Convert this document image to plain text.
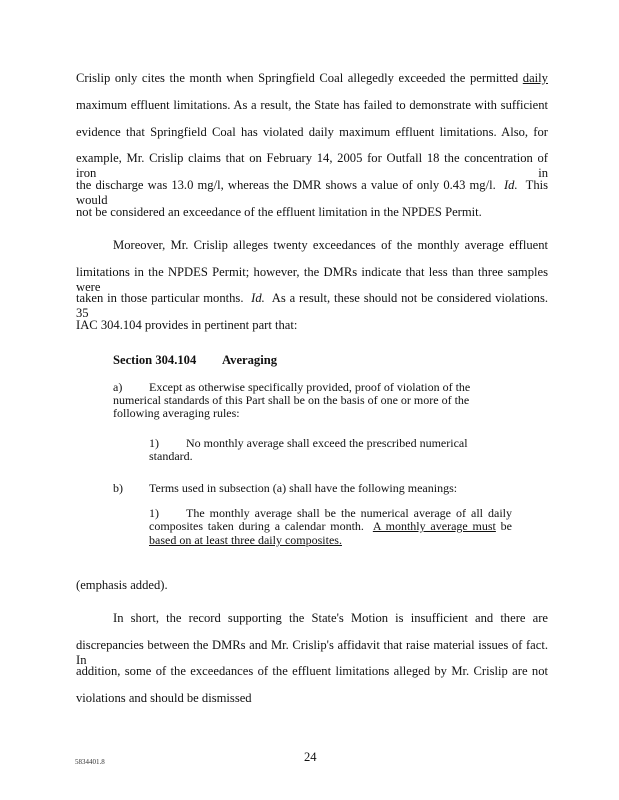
Crislip only cites the month when Springfield Coal allegedly exceeded the permitted daily
maximum effluent limitations. As a result, the State has failed to demonstrate with sufficient
evidence that Springfield Coal has violated daily maximum effluent limitations. Also, for
example, Mr. Crislip claims that on February 14, 2005 for Outfall 18 the concentration of iron in
the discharge was 13.0 mg/l, whereas the DMR shows a value of only 0.43 mg/l. Id. This would
not be considered an exceedance of the effluent limitation in the NPDES Permit.
Moreover, Mr. Crislip alleges twenty exceedances of the monthly average effluent
limitations in the NPDES Permit; however, the DMRs indicate that less than three samples were
taken in those particular months. Id. As a result, these should not be considered violations. 35
IAC 304.104 provides in pertinent part that:
Section 304.104 Averaging
a) Except as otherwise specifically provided, proof of violation of the
numerical standards of this Part shall be on the basis of one or more of the
following averaging rules:
1) No monthly average shall exceed the prescribed numerical
standard.
b) Terms used in subsection (a) shall have the following meanings:
1) The monthly average shall be the numerical average of all daily
composites taken during a calendar month. A monthly average must be
based on at least three daily composites.
(emphasis added).
In short, the record supporting the State's Motion is insufficient and there are
discrepancies between the DMRs and Mr. Crislip's affidavit that raise material issues of fact. In
addition, some of the exceedances of the effluent limitations alleged by Mr. Crislip are not
violations and should be dismissed
5834401.8	24
